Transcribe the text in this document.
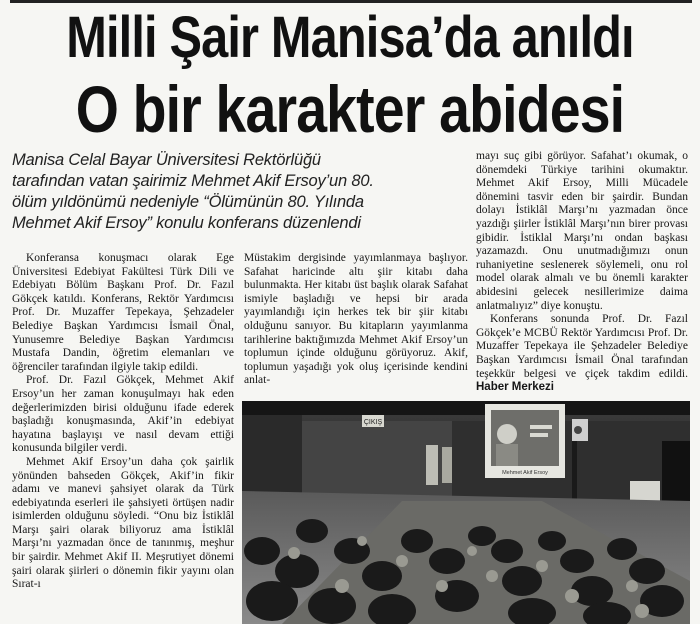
Milli Şair Manisa’da anıldı
O bir karakter abidesi

Manisa Celal Bayar Üniversitesi Rektörlüğü

tarafından vatan şairimiz Mehmet Akif Ersoy’un 80.

ölüm yıldönümü nedeniyle “Ölümünün 80. Yılında

Mehmet Akif Ersoy” konulu konferans düzenlendi

Konferansa konuşmacı olarak Ege Üniversitesi Edebiyat Fakültesi Türk Dili ve Edebiyatı Bölüm Başkanı Prof. Dr. Fazıl Gökçek katıldı. Konferans, Rektör Yardımcısı Prof. Dr. Muzaffer Tepekaya, Şehzadeler Belediye Başkan Yardımcısı İsmail Önal, Yunusemre Belediye Başkan Yardımcısı Mustafa Dandin, öğretim elemanları ve öğrenciler tarafından ilgiyle takip edildi.

Prof. Dr. Fazıl Gökçek, Mehmet Akif Ersoy’un her zaman konuşulmayı hak eden değerlerimizden birisi olduğunu ifade ederek başladığı konuşmasında, Akif’in edebiyat hayatına başlayışı ve nasıl devam ettiği konusunda bilgiler verdi.

Mehmet Akif Ersoy’un daha çok şairlik yönünden bahseden Gökçek, Akif’in fikir adamı ve manevi şahsiyet olarak da Türk edebiyatında eserleri ile şahsiyeti örtüşen nadir isimlerden olduğunu söyledi. “Onu biz İstiklâl Marşı şairi olarak biliyoruz ama İstiklâl Marşı’nı yazmadan önce de tanınmış, meşhur bir şairdir. Mehmet Akif II. Meşrutiyet dönemi şairi olarak şiirleri o dönemin fikir yayını olan Sırat-ı

Müstakim dergisinde yayımlanmaya başlıyor. Safahat haricinde altı şiir kitabı daha bulunmakta. Her kitabı üst başlık olarak Safahat ismiyle başladığı ve hepsi bir arada yayımlandığı için herkes tek bir şiir kitabı olduğunu sanıyor. Bu kitapların yayımlanma tarihlerine baktığımızda Mehmet Akif Ersoy’un toplumun içinde olduğunu görüyoruz. Akif, toplumun yaşadığı yok oluş içerisinde kendini anlat-

mayı suç gibi görüyor. Safahat’ı okumak, o dönemdeki Türkiye tarihini okumaktır. Mehmet Akif Ersoy, Milli Mücadele dönemini tasvir eden bir şairdir. Bundan dolayı İstiklâl Marşı’nı yazmadan önce yazdığı şiirler İstiklâl Marşı’nın birer provası gibidir. İstiklal Marşı’nı ondan başkası yazamazdı. Onu unutmadığımızı onun ruhaniyetine seslenerek söylemeli, onu rol model olarak almalı ve bu önemli karakter abidesini gelecek nesillerimize daima anlatmalıyız” diye konuştu.

Konferans sonunda Prof. Dr. Fazıl Gökçek’e MCBÜ Rektör Yardımcısı Prof. Dr. Muzaffer Tepekaya ile Şehzadeler Belediye Başkan Yardımcısı İsmail Önal tarafından teşekkür belgesi ve çiçek takdim edildi. Haber Merkezi

ÇIKIŞ
Mehmet Akif Ersoy
